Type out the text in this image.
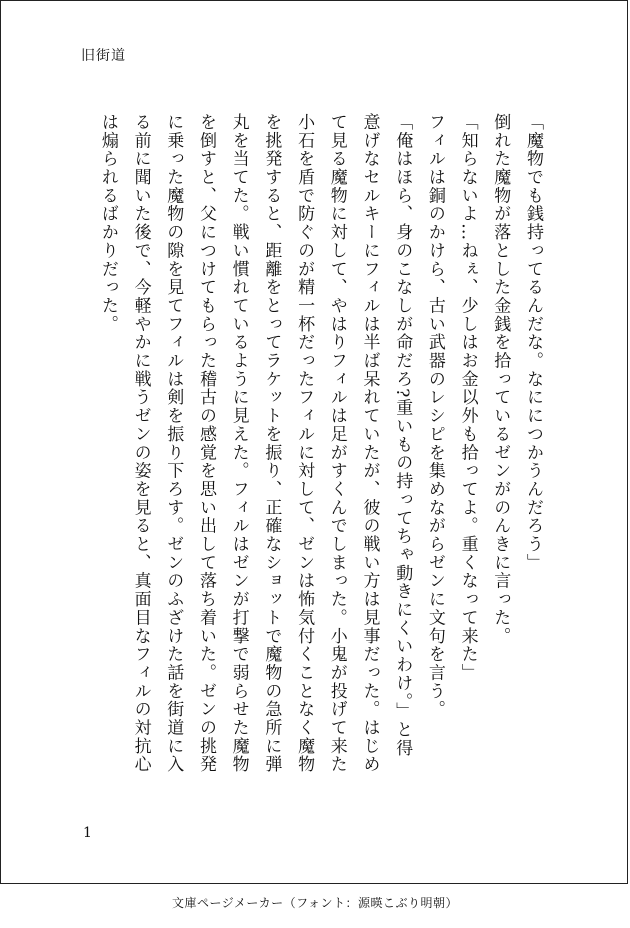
旧街道
「魔物でも銭持ってるんだな。なににつかうんだろう」
倒れた魔物が落とした金銭を拾っているゼンがのんきに言った。
「知らないよ…ねぇ、少しはお金以外も拾ってよ。重くなって来た」
フィルは銅のかけら、古い武器のレシピを集めながらゼンに文句を言う。
「俺はほら、身のこなしが命だろ?重いもの持ってちゃ動きにくいわけ。」と得
意げなセルキーにフィルは半ば呆れていたが、彼の戦い方は見事だった。はじめ
て見る魔物に対して、やはりフィルは足がすくんでしまった。小鬼が投げて来た
小石を盾で防ぐのが精一杯だったフィルに対して、ゼンは怖気付くことなく魔物
を挑発すると、距離をとってラケットを振り、正確なショットで魔物の急所に弾
丸を当てた。戦い慣れているように見えた。フィルはゼンが打撃で弱らせた魔物
を倒すと、父につけてもらった稽古の感覚を思い出して落ち着いた。ゼンの挑発
に乗った魔物の隙を見てフィルは剣を振り下ろす。ゼンのふざけた話を街道に入
る前に聞いた後で、今軽やかに戦うゼンの姿を見ると、真面目なフィルの対抗心
は煽られるばかりだった。
1
文庫ページメーカー（フォント：源暎こぶり明朝）
